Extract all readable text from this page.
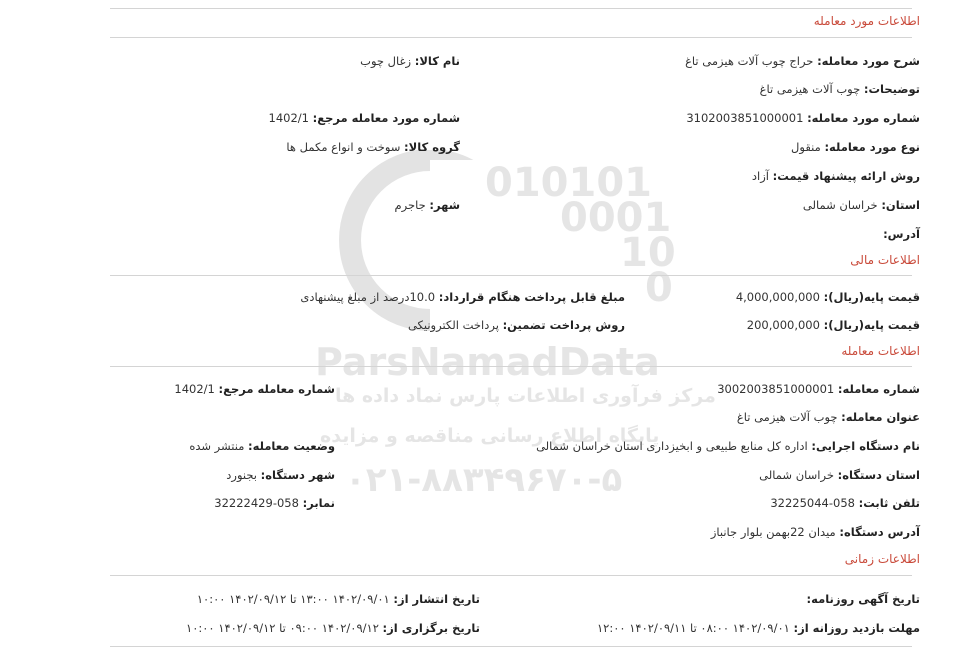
010101
0001
10
0
ParsNamadData
مرکز فرآوری اطلاعات پارس نماد داده ها
پایگاه اطلاع رسانی مناقصه و مزایده
۰۲۱-۸۸۳۴۹۶۷۰-۵
اطلاعات مورد معامله
شرح مورد معامله: حراج چوب آلات هیزمی تاغ
نام کالا: زغال چوب
توضیحات: چوب آلات هیزمی تاغ
شماره مورد معامله: 3102003851000001
شماره مورد معامله مرجع: 1402/1
نوع مورد معامله: منقول
گروه کالا: سوخت و انواع مکمل ها
روش ارائه پیشنهاد قیمت: آزاد
استان: خراسان شمالی
شهر: جاجرم
آدرس:
اطلاعات مالی
قیمت پایه(ریال): 4,000,000,000
مبلغ قابل پرداخت هنگام قرارداد: 10.0درصد از مبلغ پیشنهادی
قیمت پایه(ریال): 200,000,000
روش پرداخت تضمین: پرداخت الکترونیکی
اطلاعات معامله
شماره معامله: 3002003851000001
شماره معامله مرجع: 1402/1
عنوان معامله: چوب آلات هیزمی تاغ
نام دستگاه اجرایی: اداره کل منابع طبیعی و ابخیزداری استان خراسان شمالی
وضعیت معامله: منتشر شده
استان دستگاه: خراسان شمالی
شهر دستگاه: بجنورد
تلفن ثابت: 058-32225044
نمابر: 058-32222429
آدرس دستگاه: میدان 22بهمن بلوار جانباز
اطلاعات زمانی
تاریخ آگهی روزنامه:
تاریخ انتشار از: ۱۴۰۲/۰۹/۰۱ ۱۳:۰۰ تا ۱۴۰۲/۰۹/۱۲ ۱۰:۰۰
مهلت بازدید روزانه از: ۱۴۰۲/۰۹/۰۱ ۰۸:۰۰ تا ۱۴۰۲/۰۹/۱۱ ۱۲:۰۰
تاریخ برگزاری از: ۱۴۰۲/۰۹/۱۲ ۰۹:۰۰ تا ۱۴۰۲/۰۹/۱۲ ۱۰:۰۰
